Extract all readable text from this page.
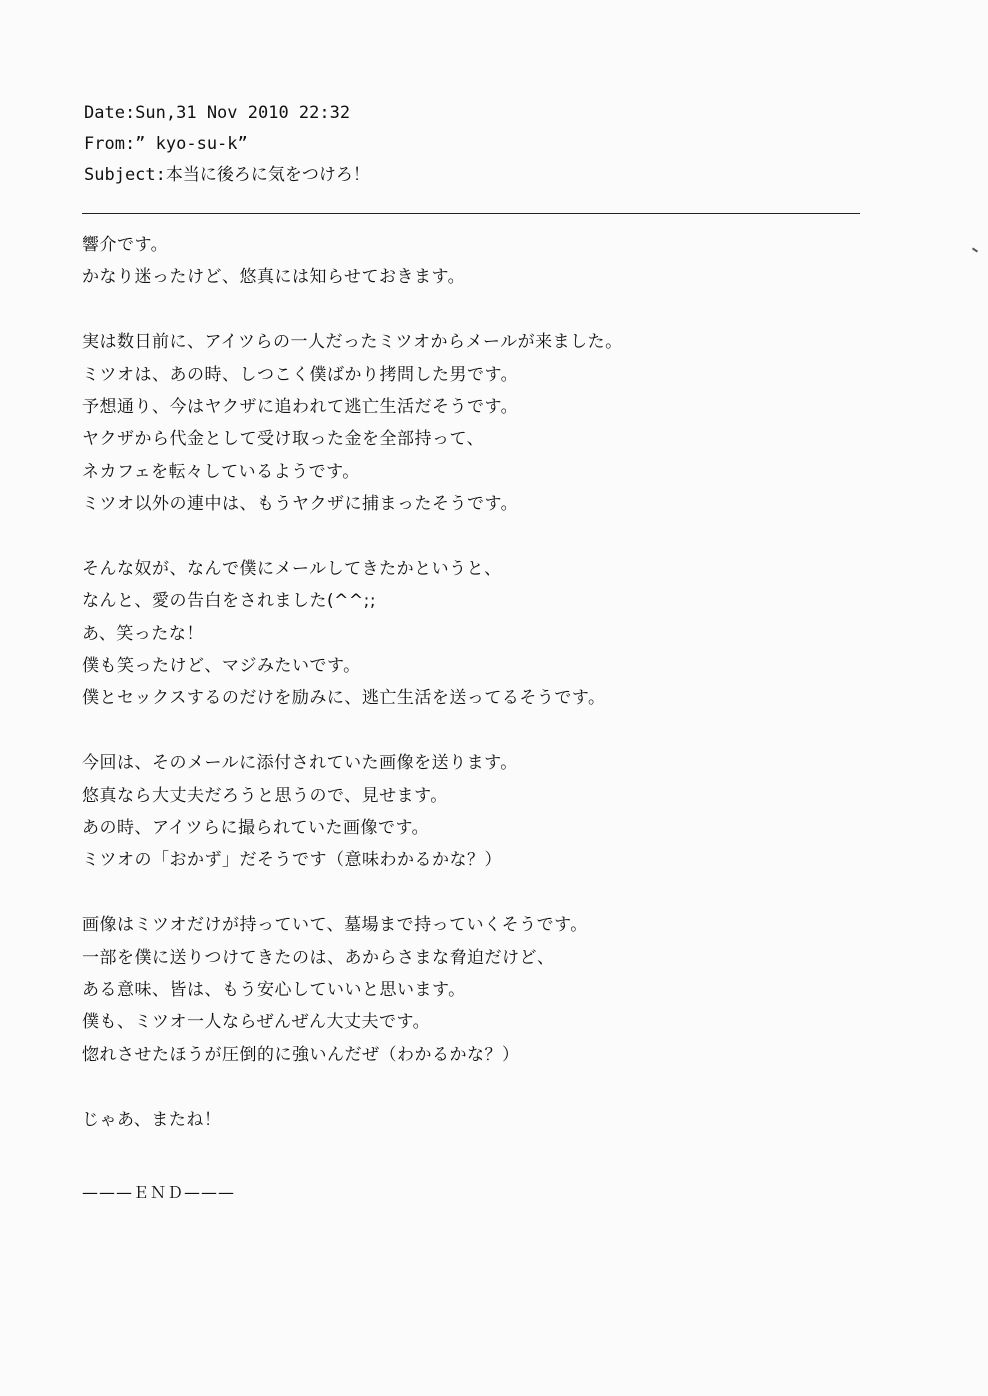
Date:Sun,31 Nov 2010 22:32
From:” kyo-su-k”
Subject:本当に後ろに気をつけろ！
響介です。
かなり迷ったけど、悠真には知らせておきます。
実は数日前に、アイツらの一人だったミツオからメールが来ました。
ミツオは、あの時、しつこく僕ばかり拷問した男です。
予想通り、今はヤクザに追われて逃亡生活だそうです。
ヤクザから代金として受け取った金を全部持って、
ネカフェを転々しているようです。
ミツオ以外の連中は、もうヤクザに捕まったそうです。
そんな奴が、なんで僕にメールしてきたかというと、
なんと、愛の告白をされました(^^;;
あ、笑ったな！
僕も笑ったけど、マジみたいです。
僕とセックスするのだけを励みに、逃亡生活を送ってるそうです。
今回は、そのメールに添付されていた画像を送ります。
悠真なら大丈夫だろうと思うので、見せます。
あの時、アイツらに撮られていた画像です。
ミツオの「おかず」だそうです（意味わかるかな？）
画像はミツオだけが持っていて、墓場まで持っていくそうです。
一部を僕に送りつけてきたのは、あからさまな脅迫だけど、
ある意味、皆は、もう安心していいと思います。
僕も、ミツオ一人ならぜんぜん大丈夫です。
惚れさせたほうが圧倒的に強いんだぜ（わかるかな？）
じゃあ、またね！
———ＥＮＤ———
